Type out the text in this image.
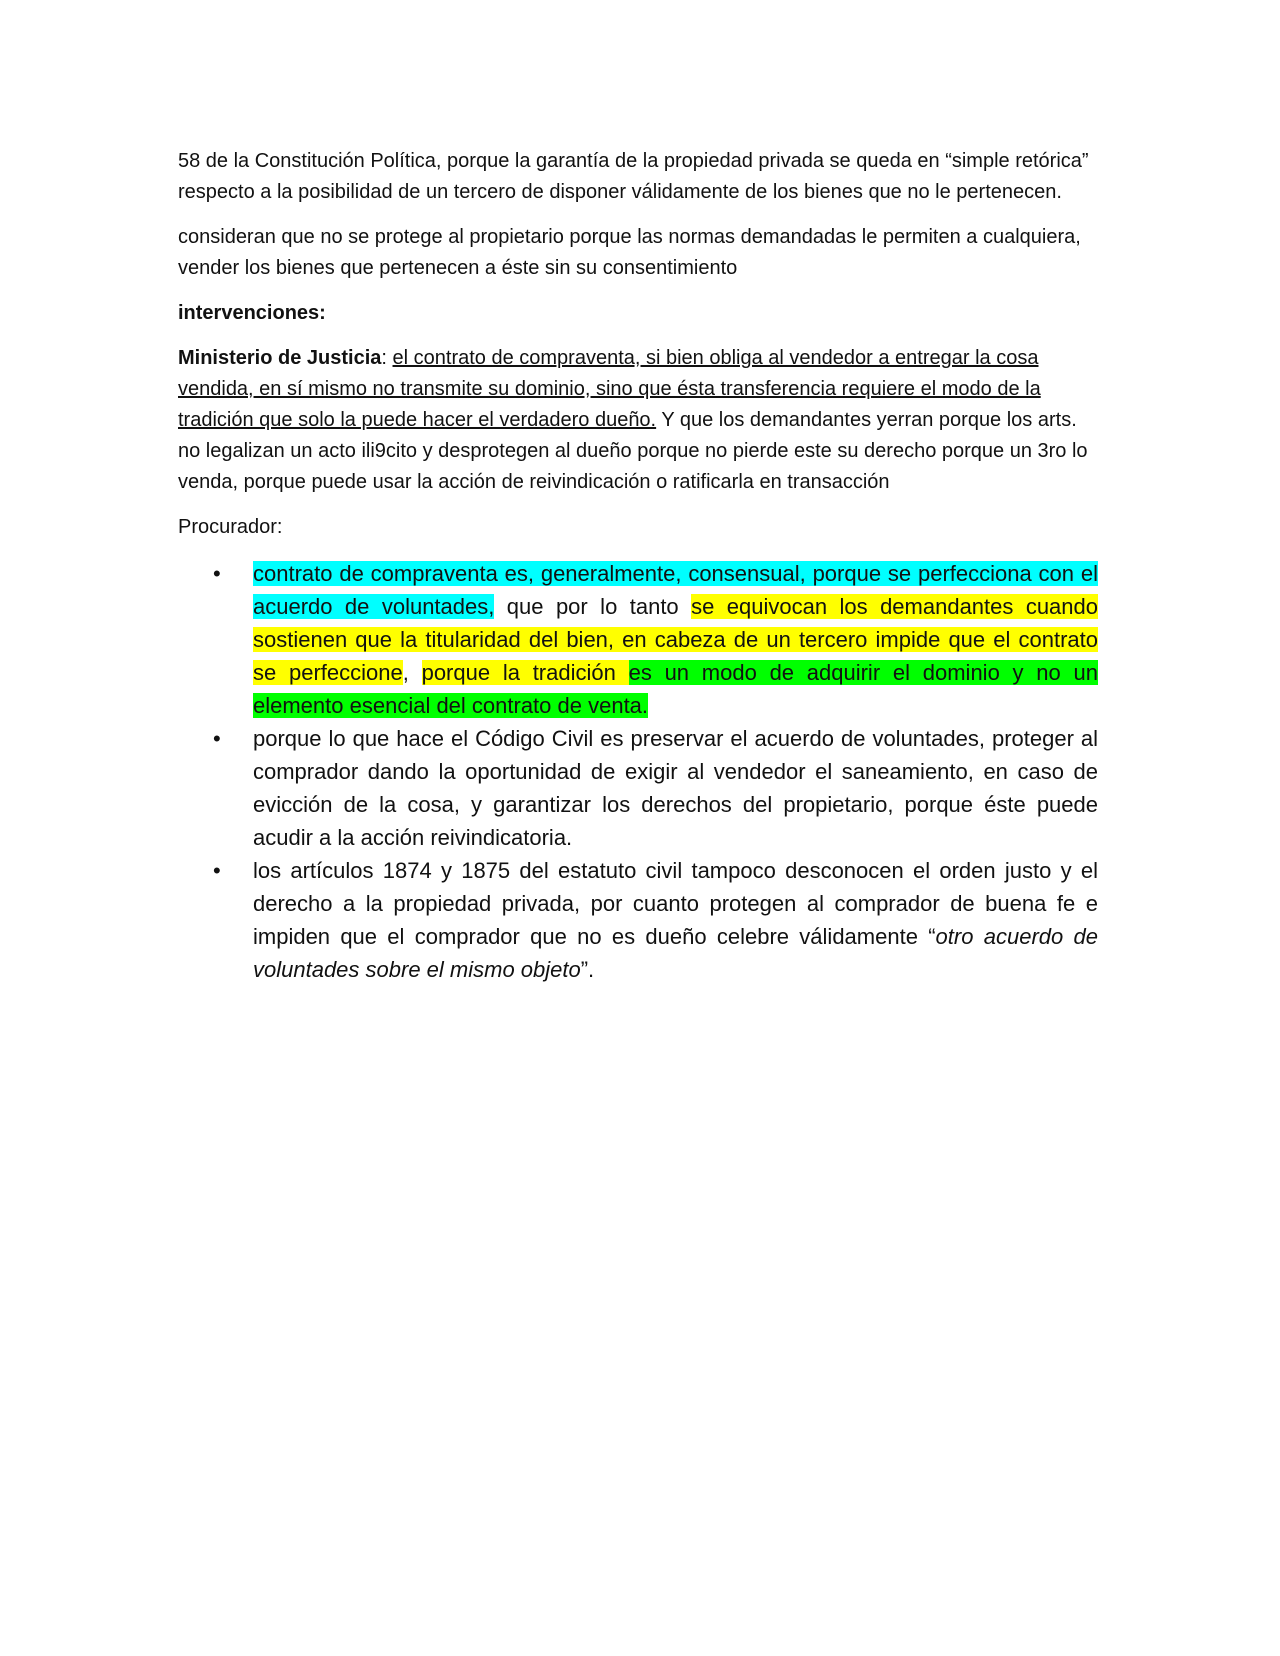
58 de la Constitución Política, porque la garantía de la propiedad privada se queda en “simple retórica” respecto a la posibilidad de un tercero de disponer válidamente de los bienes que no le pertenecen.

consideran que no se protege al propietario porque las normas demandadas le permiten a cualquiera, vender los bienes que pertenecen a éste sin su consentimiento

intervenciones:

Ministerio de Justicia: el contrato de compraventa, si bien obliga al vendedor a entregar la cosa vendida, en sí mismo no transmite su dominio, sino que ésta transferencia requiere el modo de la tradición que solo la puede hacer el verdadero dueño. Y que los demandantes yerran porque los arts. no legalizan un acto ili9cito y desprotegen al dueño porque no pierde este su derecho porque un 3ro lo venda, porque puede usar la acción de reivindicación o ratificarla en transacción

Procurador:

• contrato de compraventa es, generalmente, consensual, porque se perfecciona con el acuerdo de voluntades, que por lo tanto se equivocan los demandantes cuando sostienen que la titularidad del bien, en cabeza de un tercero impide que el contrato se perfeccione, porque la tradición es un modo de adquirir el dominio y no un elemento esencial del contrato de venta.
• porque lo que hace el Código Civil es preservar el acuerdo de voluntades, proteger al comprador dando la oportunidad de exigir al vendedor el saneamiento, en caso de evicción de la cosa, y garantizar los derechos del propietario, porque éste puede acudir a la acción reivindicatoria.
• los artículos 1874 y 1875 del estatuto civil tampoco desconocen el orden justo y el derecho a la propiedad privada, por cuanto protegen al comprador de buena fe e impiden que el comprador que no es dueño celebre válidamente “otro acuerdo de voluntades sobre el mismo objeto”.
